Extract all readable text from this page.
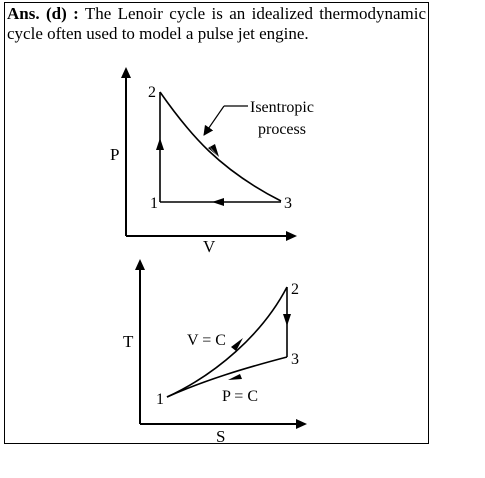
Ans. (d) : The Lenoir cycle is an idealized thermodynamic cycle often used to model a pulse jet engine.

P
V
2
1	3
Isentropic
process
T
S
2
3
1
V = C
P = C
